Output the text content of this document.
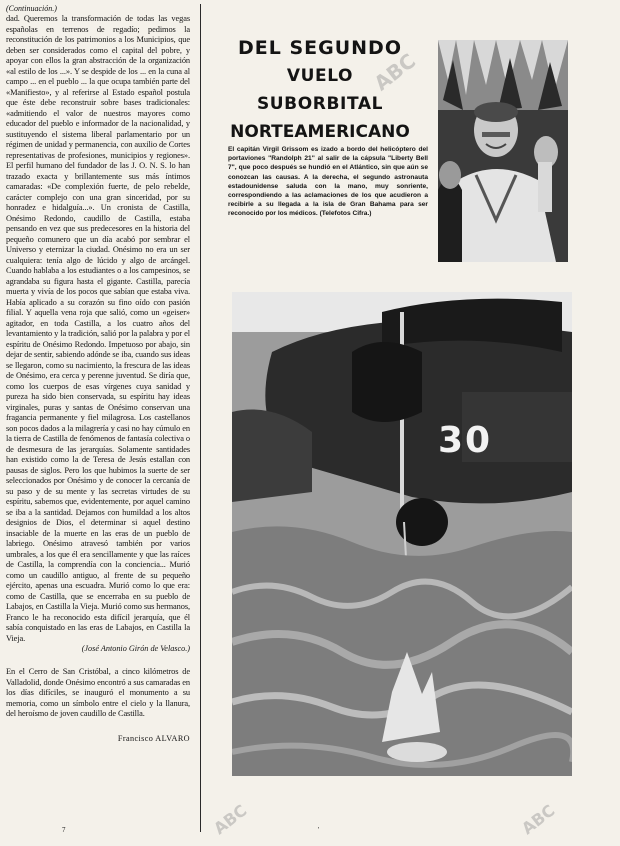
(Continuación.)

dad. Queremos la transformación de todas las vegas españolas en terrenos de regadío; pedimos la reconstitución de los patrimonios a los Municipios, que deben ser considerados como el capital del pobre, y apoyar con ellos la gran abstracción de la organización «al estilo de los ...». Y se despide de los ... en la cuna al campo ... en el pueblo ... la que ocupa también parte del «Manifiesto», y al referirse al Estado español postula que éste debe reconstruir sobre bases tradicionales: «admitiendo el valor de nuestros mayores como educador del pueblo e informador de la nacionalidad, y sustituyendo el sistema liberal parlamentario por un régimen de unidad y permanencia, con auxilio de Cortes representativas de profesiones, municipios y regiones». El perfil humano del fundador de las J. O. N. S. lo han trazado exacta y brillantemente sus más íntimos camaradas: «De complexión fuerte, de pelo rebelde, carácter complejo con una gran sinceridad, por su honradez e hidalguía...». Un cronista de Castilla, Onésimo Redondo, caudillo de Castilla, estaba pensando en vez que sus predecesores en la historia del pequeño comunero que un día acabó por sembrar el Universo y eternizar la ciudad. Onésimo no era un ser cualquiera: tenía algo de lúcido y algo de arcángel. Cuando hablaba a los estudiantes o a los campesinos, se agrandaba su figura hasta el gigante. Castilla, parecía muerta y vivía de los pocos que sabían que estaba viva. Había aplicado a su corazón su fino oído con pasión filial. Y aquella vena roja que salió, como un «geiser» agitador, en toda Castilla, a los cuatro años del levantamiento y la tradición, salió por la palabra y por el espíritu de Onésimo Redondo. Impetuoso por abajo, sin dejar de sentir, sabiendo adónde se iba, cuando sus ideas se llegaron, como su nacimiento, la frescura de las ideas de Onésimo, era cerca y perenne juventud. Se diría que, como los cuerpos de esas vírgenes cuya sanidad y pureza ha sido bien conservada, su espíritu hay ideas virginales, puras y santas de Onésimo conservan una fragancia permanente y fiel milagrosa. Los castellanos son pocos dados a la milagrería y casi no hay cúmulo en la tierra de Castilla de fenómenos de fantasía colectiva o de desmesura de las jerarquías. Solamente santidades han existido como la de Teresa de Jesús estallan con pausas de siglos. Pero los que hubimos la suerte de ser seleccionados por Onésimo y de conocer la cercanía de su paso y de su mente y las secretas virtudes de su espíritu, sabemos que, evidentemente, por aquel camino se iba a la santidad. Dejamos con humildad a los altos designios de Dios, el determinar si aquel destino insaciable de la muerte en las eras de un pueblo de labriego. Onésimo atravesó también por varios umbrales, a los que él era sencillamente y que las raíces de Castilla, la comprendía con la conciencia... Murió como un caudillo antiguo, al frente de su pequeño ejército, apenas una escuadra. Murió como lo que era: como de Castilla, que se encerraba en su pueblo de Labajos, en Castilla la Vieja. Murió como sus hermanos, Franco le ha reconocido esta difícil jerarquía, que él sabía conquistado en las eras de Labajos, en Castilla la Vieja.

(José Antonio Girón de Velasco.)

En el Cerro de San Cristóbal, a cinco kilómetros de Valladolid, donde Onésimo encontró a sus camaradas en los días difíciles, se inauguró el monumento a su memoria, como un símbolo entre el cielo y la llanura, del heroísmo de joven caudillo de Castilla.

Francisco ALVARO

DEL SEGUNDO
VUELO SUBORBITAL
NORTEAMERICANO

El capitán Virgil Grissom es izado a bordo del helicóptero del portaviones "Randolph 21" al salir de la cápsula "Liberty Bell 7", que poco después se hundió en el Atlántico, sin que aún se conozcan las causas. A la derecha, el segundo astronauta estadounidense saluda con la mano, muy sonriente, correspondiendo a las aclamaciones de los que acudieron a recibirle a su llegada a la isla de Gran Bahama para ser reconocido por los médicos. (Telefotos Cifra.)

30
ABC
ABC	ABC
7	'
